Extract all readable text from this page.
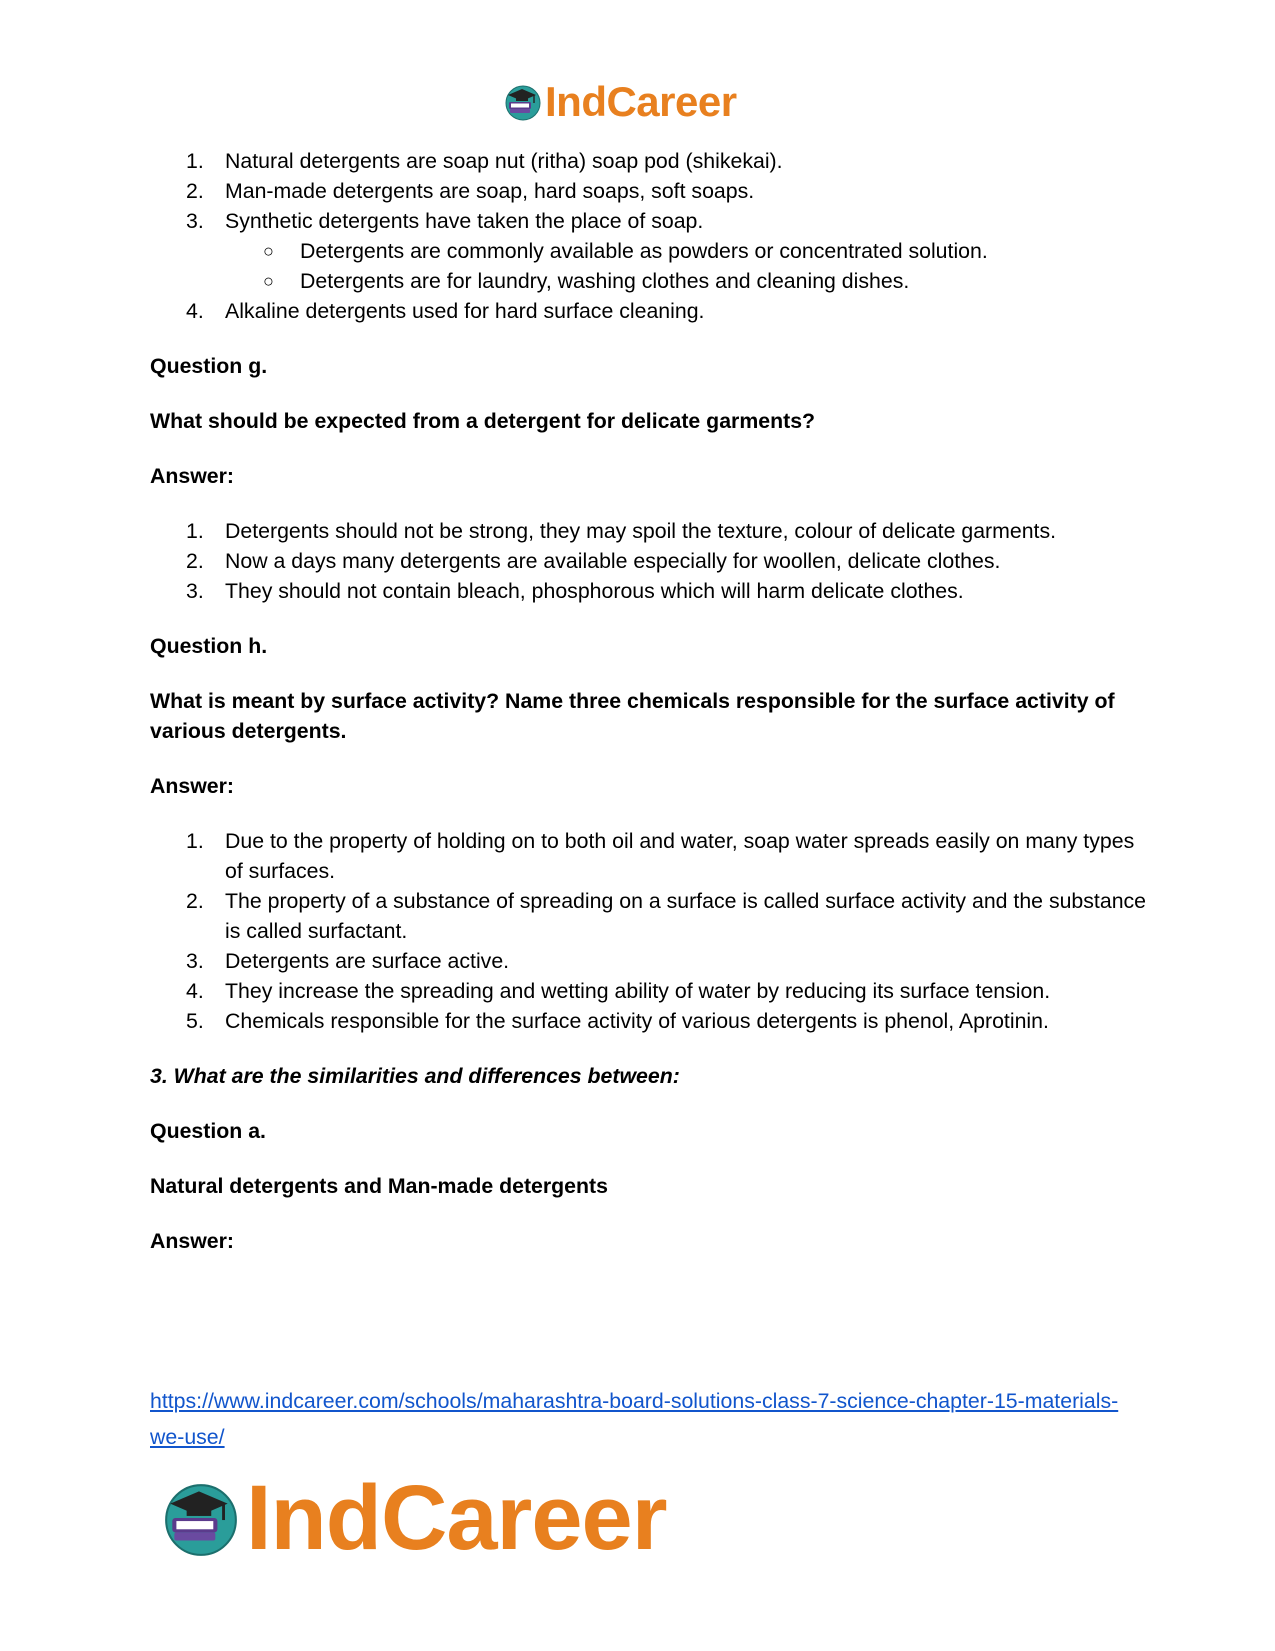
IndCareer
1. Natural detergents are soap nut (ritha) soap pod (shikekai).
2. Man-made detergents are soap, hard soaps, soft soaps.
3. Synthetic detergents have taken the place of soap.
○ Detergents are commonly available as powders or concentrated solution.
○ Detergents are for laundry, washing clothes and cleaning dishes.
4. Alkaline detergents used for hard surface cleaning.

Question g.

What should be expected from a detergent for delicate garments?

Answer:

1. Detergents should not be strong, they may spoil the texture, colour of delicate garments.
2. Now a days many detergents are available especially for woollen, delicate clothes.
3. They should not contain bleach, phosphorous which will harm delicate clothes.

Question h.

What is meant by surface activity? Name three chemicals responsible for the surface activity of various detergents.

Answer:

1. Due to the property of holding on to both oil and water, soap water spreads easily on many types of surfaces.
2. The property of a substance of spreading on a surface is called surface activity and the substance is called surfactant.
3. Detergents are surface active.
4. They increase the spreading and wetting ability of water by reducing its surface tension.
5. Chemicals responsible for the surface activity of various detergents is phenol, Aprotinin.

3. What are the similarities and differences between:

Question a.

Natural detergents and Man-made detergents

Answer:

https://www.indcareer.com/schools/maharashtra-board-solutions-class-7-science-chapter-15-materials-we-use/
IndCareer
